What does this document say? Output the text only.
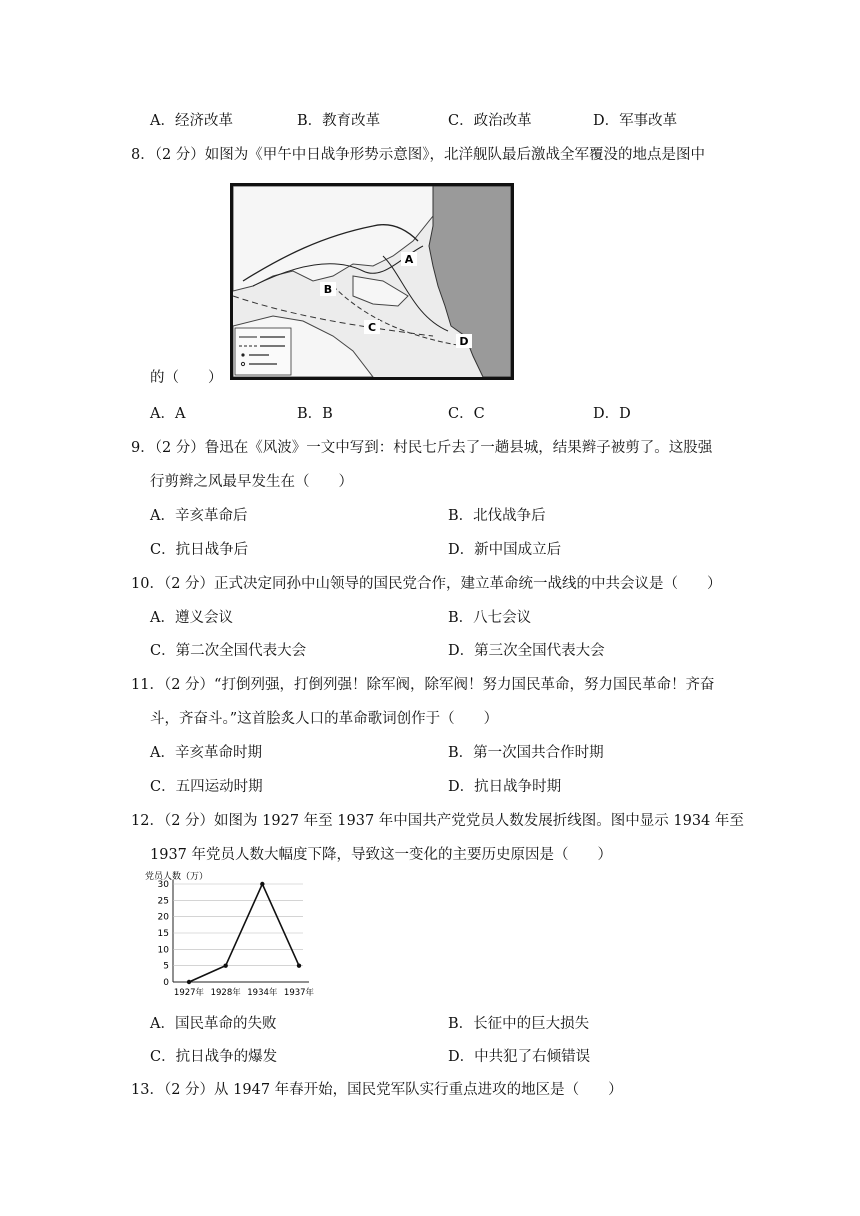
A．经济改革	B．教育改革	C．政治改革	D．军事改革
8．（2 分）如图为《甲午中日战争形势示意图》，北洋舰队最后激战全军覆没的地点是图中
A
B
C
D
的（　　）
A．A	B．B	C．C	D．D
9．（2 分）鲁迅在《风波》一文中写到：村民七斤去了一趟县城，结果辫子被剪了。这股强
行剪辫之风最早发生在（　　）
A．辛亥革命后	B．北伐战争后
C．抗日战争后	D．新中国成立后
10．（2 分）正式决定同孙中山领导的国民党合作，建立革命统一战线的中共会议是（　　）
A．遵义会议	B．八七会议
C．第二次全国代表大会	D．第三次全国代表大会
11．（2 分）“打倒列强，打倒列强！除军阀，除军阀！努力国民革命，努力国民革命！齐奋
斗，齐奋斗。”这首脍炙人口的革命歌词创作于（　　）
A．辛亥革命时期	B．第一次国共合作时期
C．五四运动时期	D．抗日战争时期
12．（2 分）如图为 1927 年至 1937 年中国共产党党员人数发展折线图。图中显示 1934 年至
1937 年党员人数大幅度下降，导致这一变化的主要历史原因是（　　）
党员人数（万）
0
5
10
15
20
25
30
1927年 1928年 1934年 1937年
A．国民革命的失败	B．长征中的巨大损失
C．抗日战争的爆发	D．中共犯了右倾错误
13．（2 分）从 1947 年春开始，国民党军队实行重点进攻的地区是（　　）
